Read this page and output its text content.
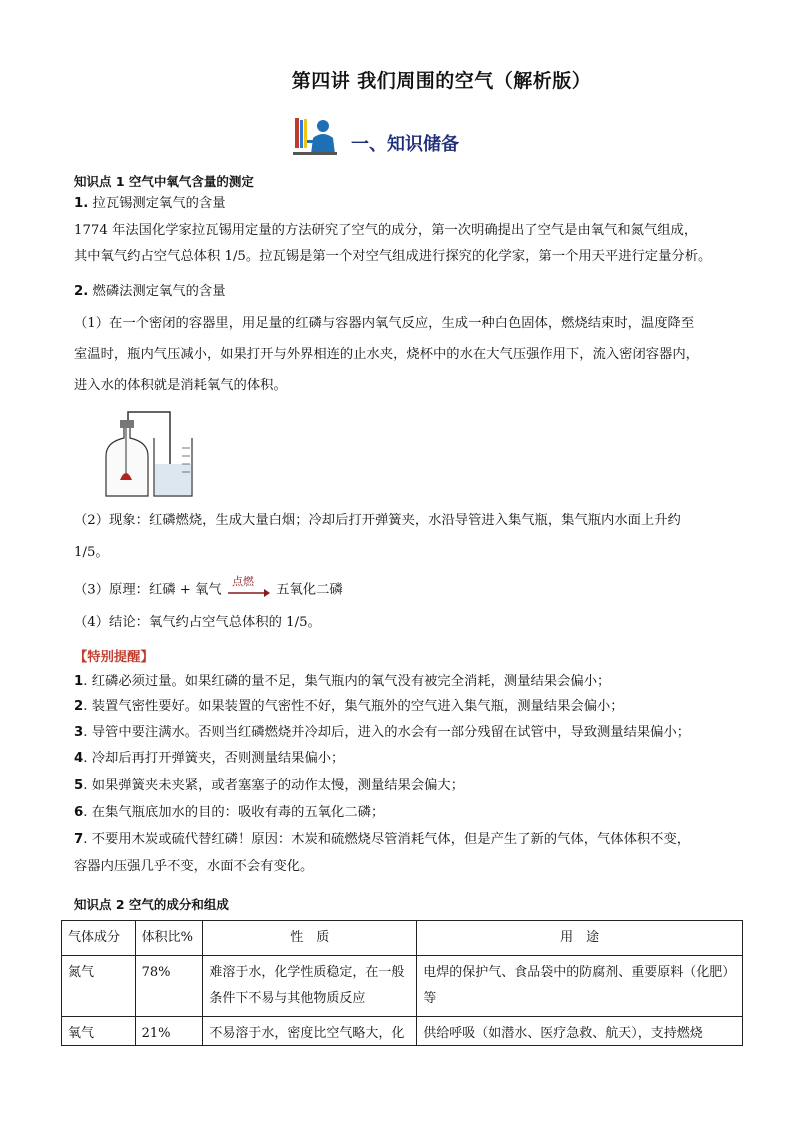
第四讲 我们周围的空气（解析版）
一、知识储备
知识点 1 空气中氧气含量的测定
1. 拉瓦锡测定氧气的含量
1774 年法国化学家拉瓦锡用定量的方法研究了空气的成分，第一次明确提出了空气是由氧气和氮气组成，
其中氧气约占空气总体积 1/5。拉瓦锡是第一个对空气组成进行探究的化学家，第一个用天平进行定量分析。
2. 燃磷法测定氧气的含量
（1）在一个密闭的容器里，用足量的红磷与容器内氧气反应，生成一种白色固体，燃烧结束时，温度降至
室温时，瓶内气压减小，如果打开与外界相连的止水夹，烧杯中的水在大气压强作用下，流入密闭容器内，
进入水的体积就是消耗氧气的体积。
（2）现象：红磷燃烧，生成大量白烟；冷却后打开弹簧夹，水沿导管进入集气瓶，集气瓶内水面上升约
1/5。
（3）原理：红磷 + 氧气
点燃
五氧化二磷
（4）结论：氧气约占空气总体积的 1/5。
【特别提醒】
1. 红磷必须过量。如果红磷的量不足，集气瓶内的氧气没有被完全消耗，测量结果会偏小；
2. 装置气密性要好。如果装置的气密性不好，集气瓶外的空气进入集气瓶，测量结果会偏小；
3. 导管中要注满水。否则当红磷燃烧并冷却后，进入的水会有一部分残留在试管中，导致测量结果偏小；
4. 冷却后再打开弹簧夹，否则测量结果偏小；
5. 如果弹簧夹未夹紧，或者塞塞子的动作太慢，测量结果会偏大；
6. 在集气瓶底加水的目的：吸收有毒的五氧化二磷；
7. 不要用木炭或硫代替红磷！原因：木炭和硫燃烧尽管消耗气体，但是产生了新的气体，气体体积不变，
容器内压强几乎不变，水面不会有变化。
知识点 2 空气的成分和组成
气体成分	体积比%	性　质	用　途
氮气	78%	难溶于水，化学性质稳定，在一般条件下不易与其他物质反应	电焊的保护气、食品袋中的防腐剂、重要原料（化肥）等
氧气	21%	不易溶于水，密度比空气略大，化	供给呼吸（如潜水、医疗急救、航天），支持燃烧
